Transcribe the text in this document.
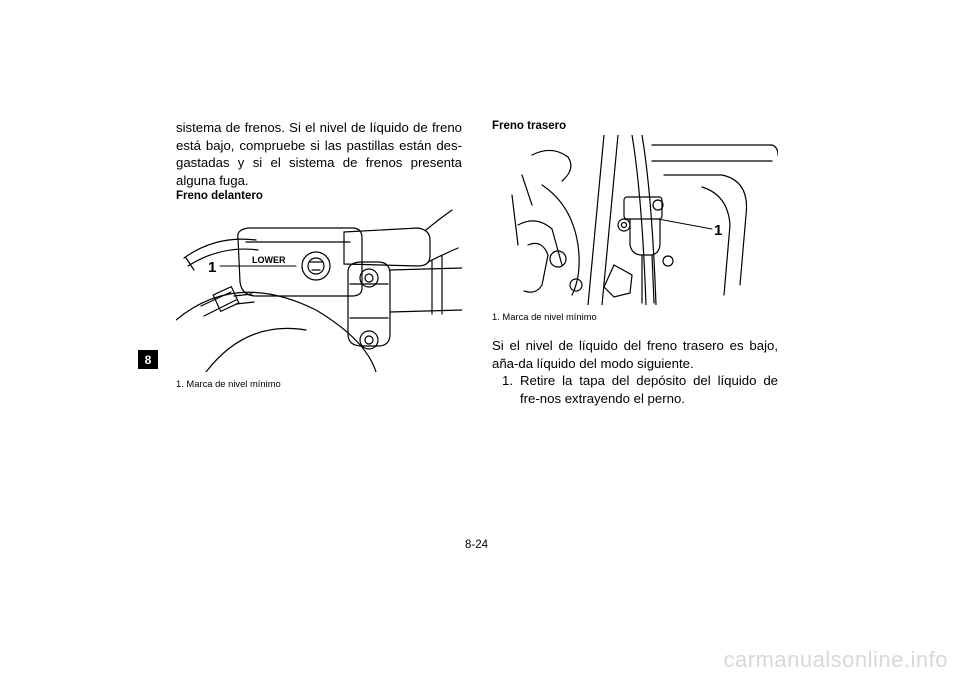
8

sistema de frenos. Si el nivel de líquido de freno está bajo, compruebe si las pastillas están des-gastadas y si el sistema de frenos presenta alguna fuga.

Freno delantero

1	LOWER

1. Marca de nivel mínimo

Freno trasero

1

1. Marca de nivel mínimo

Si el nivel de líquido del freno trasero es bajo, aña-da líquido del modo siguiente.

1. Retire la tapa del depósito del líquido de fre-nos extrayendo el perno.
8-24
carmanualsonline.info
